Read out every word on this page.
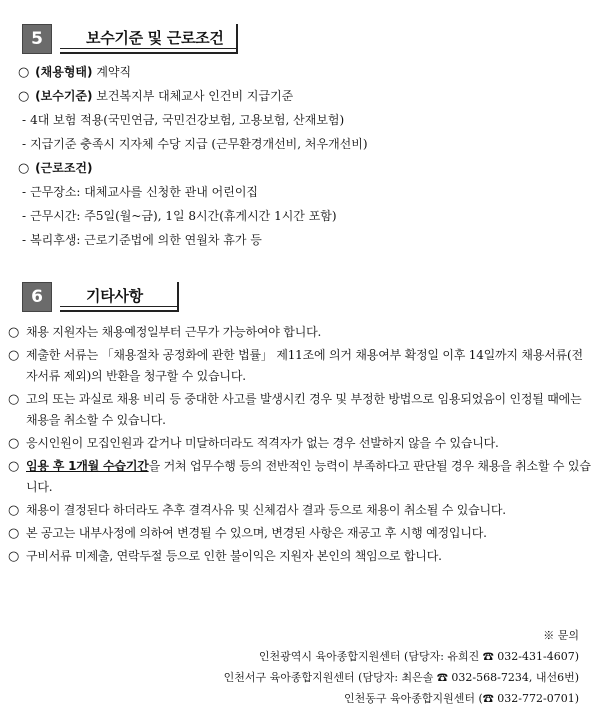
5	보수기준 및 근로조건
○ (채용형태) 계약직
○ (보수기준) 보건복지부 대체교사 인건비 지급기준
- 4대 보험 적용(국민연금, 국민건강보험, 고용보험, 산재보험)
- 지급기준 충족시 지자체 수당 지급 (근무환경개선비, 처우개선비)
○ (근로조건)
- 근무장소: 대체교사를 신청한 관내 어린이집
- 근무시간: 주5일(월~금), 1일 8시간(휴게시간 1시간 포함)
- 복리후생: 근로기준법에 의한 연월차 휴가 등
6	기타사항
○ 채용 지원자는 채용예정일부터 근무가 가능하여야 합니다.
○ 제출한 서류는 「채용절차 공정화에 관한 법률」 제11조에 의거 채용여부 확정일 이후 14일까지 채용서류(전자서류 제외)의 반환을 청구할 수 있습니다.
○ 고의 또는 과실로 채용 비리 등 중대한 사고를 발생시킨 경우 및 부정한 방법으로 임용되었음이 인정될 때에는 채용을 취소할 수 있습니다.
○ 응시인원이 모집인원과 같거나 미달하더라도 적격자가 없는 경우 선발하지 않을 수 있습니다.
○ 임용 후 1개월 수습기간을 거쳐 업무수행 등의 전반적인 능력이 부족하다고 판단될 경우 채용을 취소할 수 있습니다.
○ 채용이 결정된다 하더라도 추후 결격사유 및 신체검사 결과 등으로 채용이 취소될 수 있습니다.
○ 본 공고는 내부사정에 의하여 변경될 수 있으며, 변경된 사항은 재공고 후 시행 예정입니다.
○ 구비서류 미제출, 연락두절 등으로 인한 불이익은 지원자 본인의 책임으로 합니다.
※ 문의
인천광역시 육아종합지원센터 (담당자: 유희진 ☎ 032-431-4607)
인천서구 육아종합지원센터 (담당자: 최은솔 ☎ 032-568-7234, 내선6번)
인천동구 육아종합지원센터 (☎ 032-772-0701)
